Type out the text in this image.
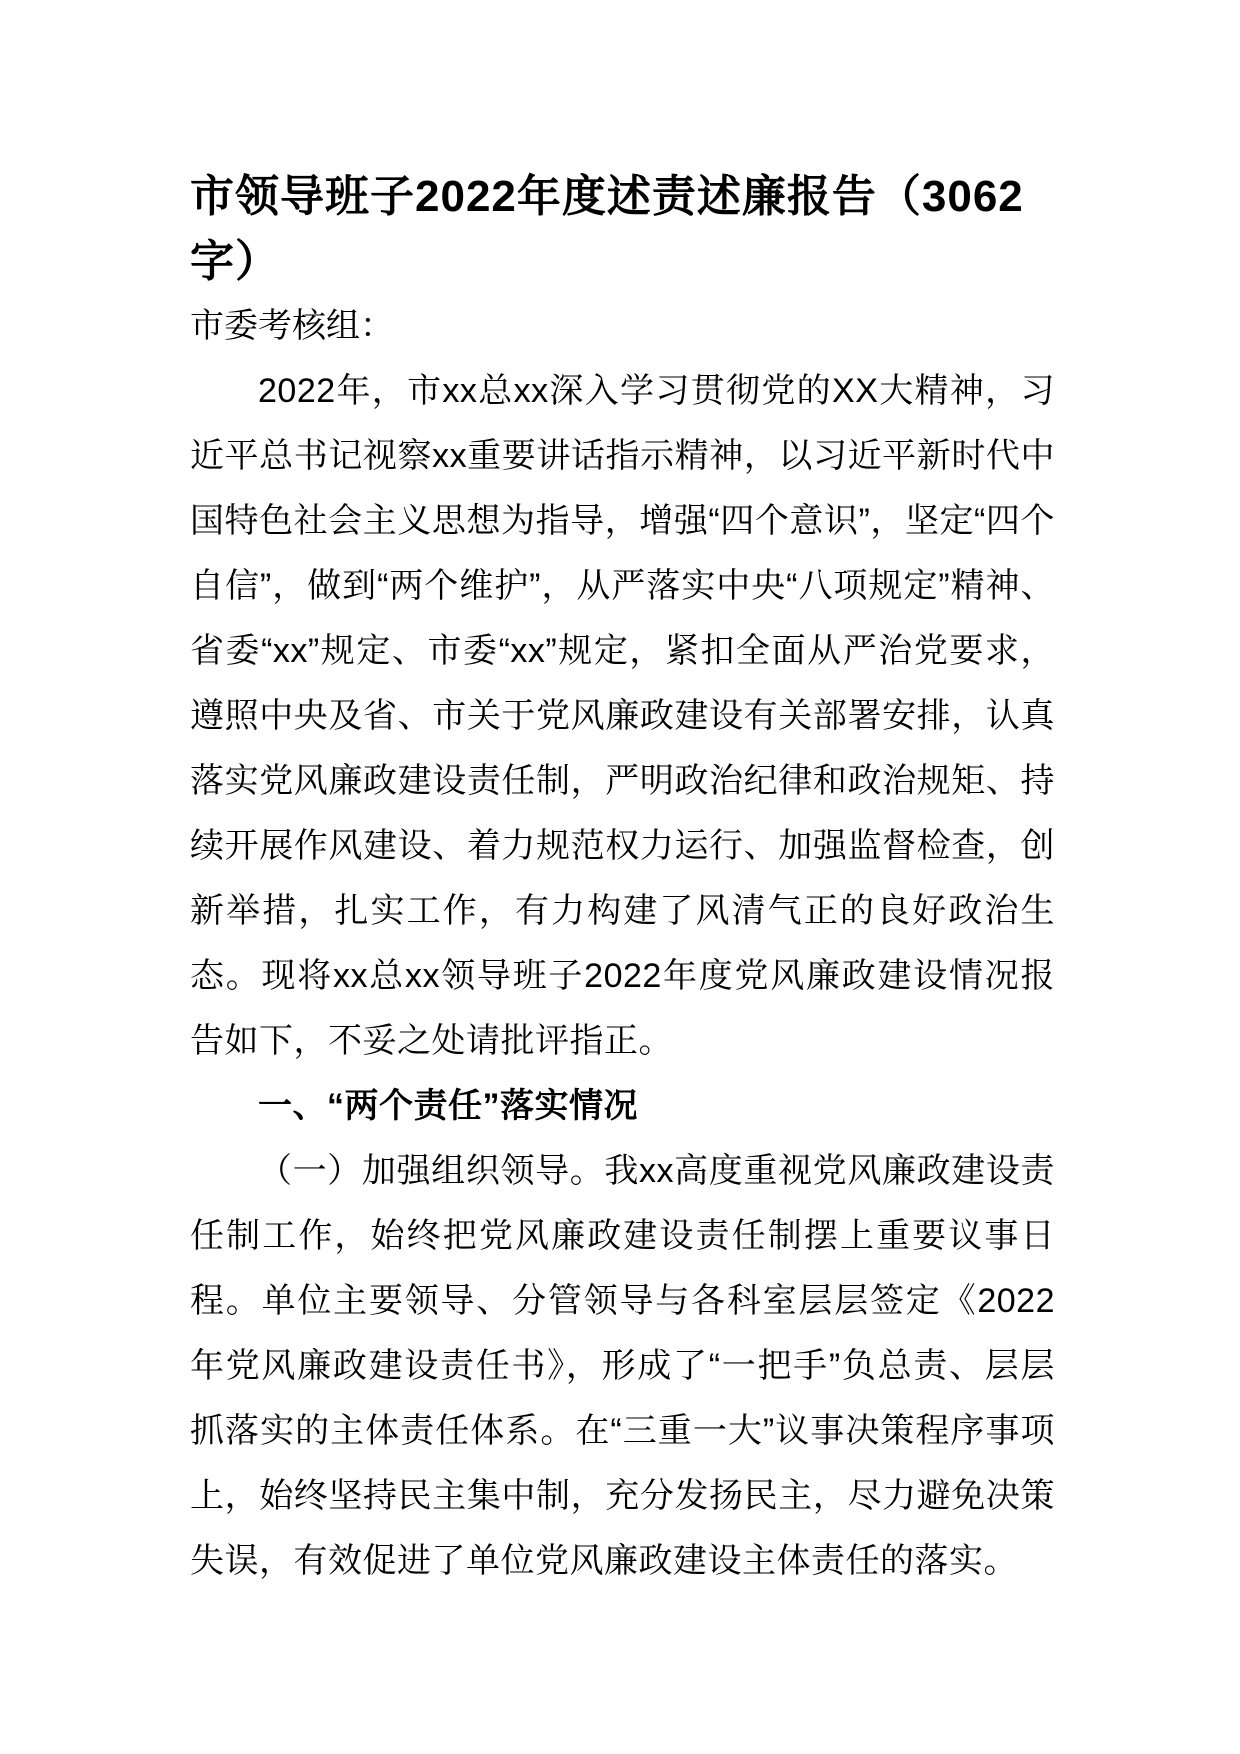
市领导班子2022年度述责述廉报告（3062字）

市委考核组：

2022年，市xx总xx深入学习贯彻党的XX大精神，习近平总书记视察xx重要讲话指示精神，以习近平新时代中国特色社会主义思想为指导，增强“四个意识”，坚定“四个自信”，做到“两个维护”，从严落实中央“八项规定”精神、省委“xx”规定、市委“xx”规定，紧扣全面从严治党要求，遵照中央及省、市关于党风廉政建设有关部署安排，认真落实党风廉政建设责任制，严明政治纪律和政治规矩、持续开展作风建设、着力规范权力运行、加强监督检查，创新举措，扎实工作，有力构建了风清气正的良好政治生态。现将xx总xx领导班子2022年度党风廉政建设情况报告如下，不妥之处请批评指正。

一、“两个责任”落实情况

（一）加强组织领导。我xx高度重视党风廉政建设责任制工作，始终把党风廉政建设责任制摆上重要议事日程。单位主要领导、分管领导与各科室层层签定《2022年党风廉政建设责任书》，形成了“一把手”负总责、层层抓落实的主体责任体系。在“三重一大”议事决策程序事项上，始终坚持民主集中制，充分发扬民主，尽力避免决策失误，有效促进了单位党风廉政建设主体责任的落实。
